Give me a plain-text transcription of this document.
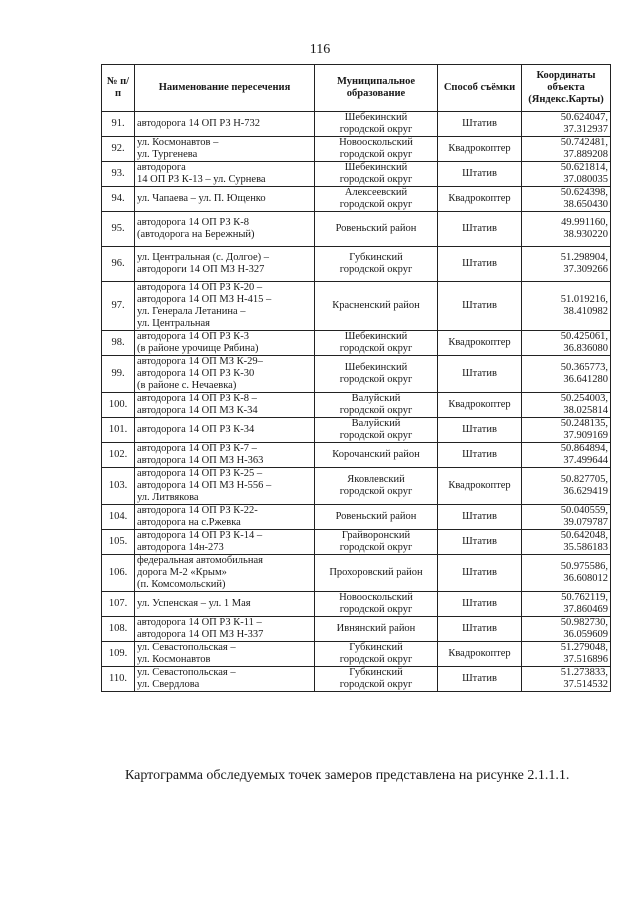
116
№ п/п	Наименование пересечения	Муниципальное образование	Способ съёмки	Координаты объекта (Яндекс.Карты)
91.	автодорога 14 ОП РЗ Н-732	Шебекинский
городской округ	Штатив	50.624047,
37.312937

92.	ул. Космонавтов –
ул. Тургенева	Новооскольский
городской округ	Квадрокоптер	50.742481,
37.889208

93.	автодорога
14 ОП РЗ К-13 – ул. Сурнева	Шебекинский
городской округ	Штатив	50.621814,
37.080035

94.	ул. Чапаева – ул. П. Ющенко	Алексеевский
городской округ	Квадрокоптер	50.624398,
38.650430

95.	автодорога 14 ОП РЗ К-8
(автодорога на Бережный)	Ровеньский район	Штатив	49.991160,
38.930220

96.	ул. Центральная (с. Долгое) –
автодороги 14 ОП МЗ Н-327	Губкинский
городской округ	Штатив	51.298904,
37.309266

97.	автодорога 14 ОП РЗ К-20 –
автодорога 14 ОП МЗ Н-415 –
ул. Генерала Летанина –
ул. Центральная	Красненский район	Штатив	51.019216,
38.410982

98.	автодорога 14 ОП РЗ К-3
(в районе урочище Рябина)	Шебекинский
городской округ	Квадрокоптер	50.425061,
36.836080

99.	автодорога 14 ОП МЗ К-29–
автодорога 14 ОП РЗ К-30
(в районе с. Нечаевка)	Шебекинский
городской округ	Штатив	50.365773,
36.641280

100.	автодорога 14 ОП РЗ К-8 –
автодорога 14 ОП МЗ К-34	Валуйский
городской округ	Квадрокоптер	50.254003,
38.025814

101.	автодорога 14 ОП РЗ К-34	Валуйский
городской округ	Штатив	50.248135,
37.909169

102.	автодорога 14 ОП РЗ К-7 –
автодорога 14 ОП МЗ Н-363	Корочанский район	Штатив	50.864894,
37.499644

103.	автодорога 14 ОП РЗ К-25 –
автодорога 14 ОП МЗ Н-556 –
ул. Литвякова	Яковлевский
городской округ	Квадрокоптер	50.827705,
36.629419

104.	автодорога 14 ОП РЗ К-22-
автодорога на с.Ржевка	Ровеньский район	Штатив	50.040559,
39.079787

105.	автодорога 14 ОП РЗ К-14 –
автодорога 14н-273	Грайворонский
городской округ	Штатив	50.642048,
35.586183

106.	федеральная автомобильная
дорога М-2 «Крым»
(п. Комсомольский)	Прохоровский район	Штатив	50.975586,
36.608012

107.	ул. Успенская – ул. 1 Мая	Новооскольский
городской округ	Штатив	50.762119,
37.860469

108.	автодорога 14 ОП РЗ К-11 –
автодорога 14 ОП МЗ Н-337	Ивнянский район	Штатив	50.982730,
36.059609

109.	ул. Севастопольская –
ул. Космонавтов	Губкинский
городской округ	Квадрокоптер	51.279048,
37.516896

110.	ул. Севастопольская –
ул. Свердлова	Губкинский
городской округ	Штатив	51.273833,
37.514532
Картограмма обследуемых точек замеров представлена на рисунке 2.1.1.1.
